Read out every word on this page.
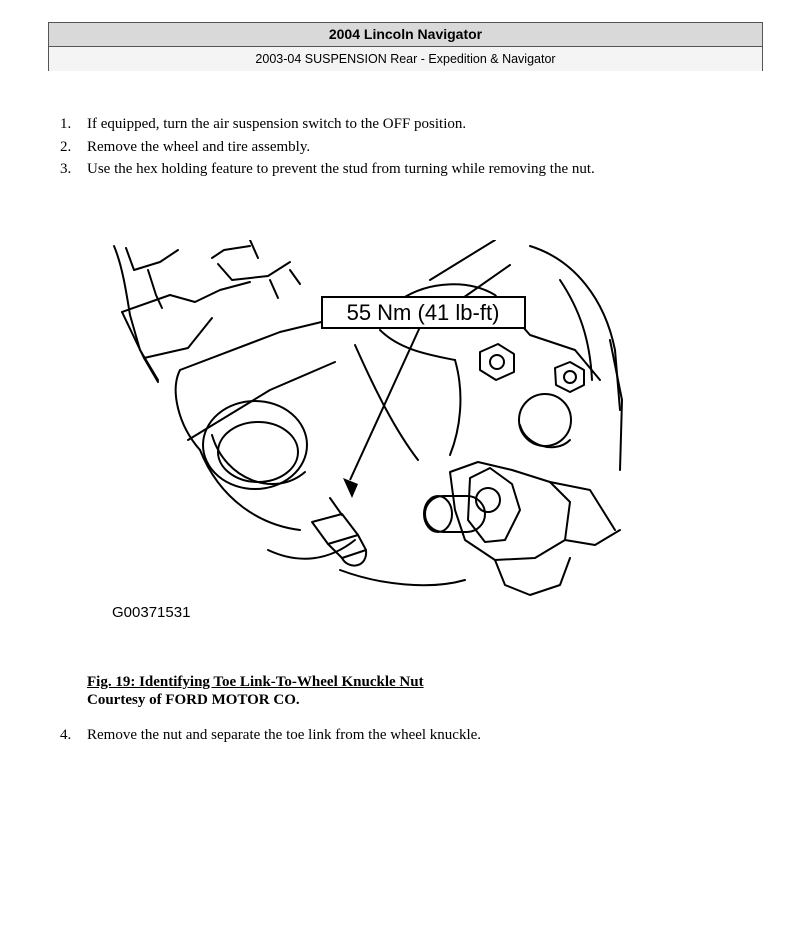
2004 Lincoln Navigator
2003-04 SUSPENSION Rear - Expedition & Navigator
1. If equipped, turn the air suspension switch to the OFF position.
2. Remove the wheel and tire assembly.
3. Use the hex holding feature to prevent the stud from turning while removing the nut.
55 Nm (41 lb-ft)
G00371531
Fig. 19: Identifying Toe Link-To-Wheel Knuckle Nut
Courtesy of FORD MOTOR CO.
4. Remove the nut and separate the toe link from the wheel knuckle.
